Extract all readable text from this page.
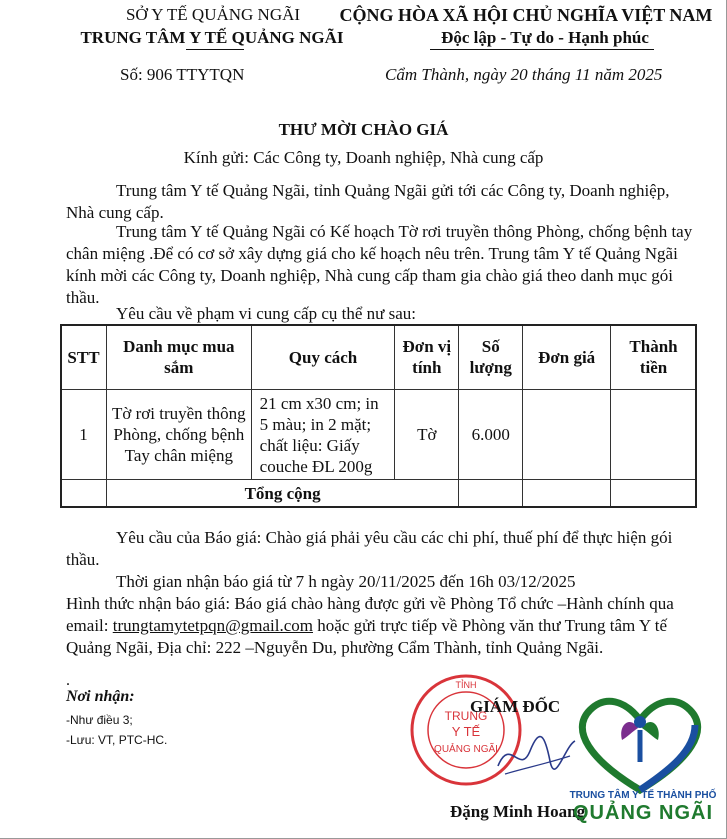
SỞ Y TẾ QUẢNG NGÃI
TRUNG TÂM Y TẾ QUẢNG NGÃI
CỘNG HÒA XÃ HỘI CHỦ NGHĨA VIỆT NAM
Độc lập - Tự do - Hạnh phúc
Số: 906 TTYTQN	Cẩm Thành, ngày 20 tháng 11 năm 2025
THƯ MỜI CHÀO GIÁ
Kính gửi: Các Công ty, Doanh nghiệp, Nhà cung cấp
Trung tâm Y tế Quảng Ngãi, tỉnh Quảng Ngãi gửi tới các Công ty, Doanh nghiệp, Nhà cung cấp.
Trung tâm Y tế Quảng Ngãi có Kế hoạch Tờ rơi truyền thông Phòng, chống bệnh tay chân miệng .Để có cơ sở xây dựng giá cho kế hoạch nêu trên. Trung tâm Y tế Quảng Ngãi kính mời các Công ty, Doanh nghiệp, Nhà cung cấp tham gia chào giá theo danh mục gói thầu.
Yêu cầu về phạm vi cung cấp cụ thể nư sau:
STT	Danh mục mua sắm	Quy cách	Đơn vị tính	Số lượng	Đơn giá	Thành tiền
1	Tờ rơi truyền thông Phòng, chống bệnh Tay chân miệng	21 cm x30 cm; in 5 màu; in 2 mặt; chất liệu: Giấy couche ĐL 200g	Tờ	6.000		
	Tổng cộng					
Yêu cầu của Báo giá: Chào giá phải yêu cầu các chi phí, thuế phí để thực hiện gói thầu.
Thời gian nhận báo giá từ 7 h ngày 20/11/2025 đến 16h 03/12/2025
Hình thức nhận báo giá: Báo giá chào hàng được gửi về Phòng Tổ chức –Hành chính qua email: trungtamytetpqn@gmail.com hoặc gửi trực tiếp về Phòng văn thư Trung tâm Y tế Quảng Ngãi, Địa chỉ: 222 –Nguyễn Du, phường Cẩm Thành, tỉnh Quảng Ngãi.
.
Nơi nhận:
-Như điều 3;
-Lưu: VT, PTC-HC.
TỈNH
TRUNG
Y TẾ
QUẢNG NGÃI
GIÁM ĐỐC
Đặng Minh Hoang
TRUNG TÂM Y TẾ THÀNH PHỐ
QUẢNG NGÃI
